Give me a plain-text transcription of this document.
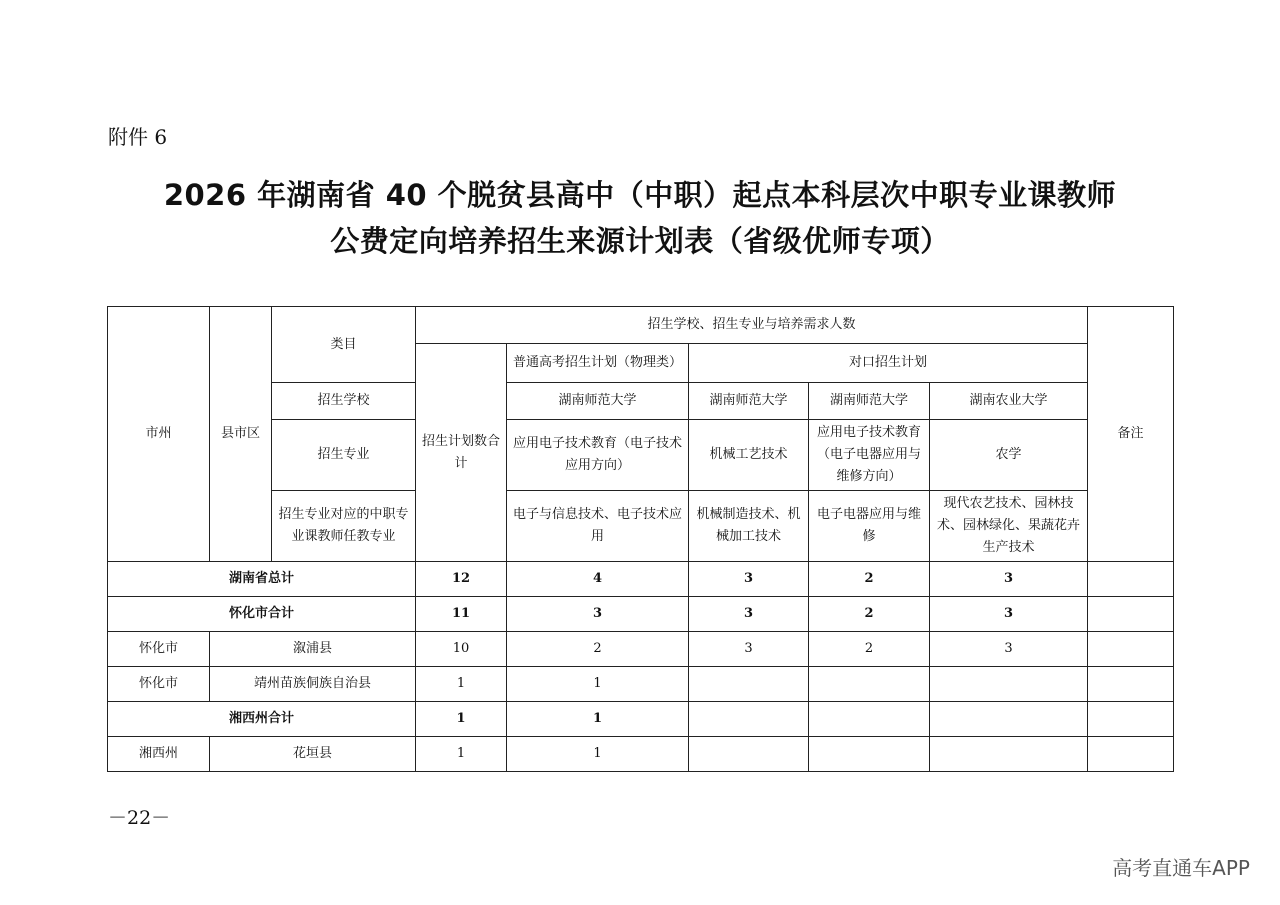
附件 6
2026 年湖南省 40 个脱贫县高中（中职）起点本科层次中职专业课教师
公费定向培养招生来源计划表（省级优师专项）
市州	县市区	类目	招生学校、招生专业与培养需求人数					备注
			招生计划数合计	普通高考招生计划（物理类）	对口招生计划			
		招生学校		湖南师范大学	湖南师范大学	湖南师范大学	湖南农业大学	
		招生专业		应用电子技术教育（电子技术应用方向）	机械工艺技术	应用电子技术教育（电子电器应用与维修方向）	农学	
		招生专业对应的中职专业课教师任教专业		电子与信息技术、电子技术应用	机械制造技术、机械加工技术	电子电器应用与维修	现代农艺技术、园林技术、园林绿化、果蔬花卉生产技术	
湖南省总计			12	4	3	2	3	
怀化市合计			11	3	3	2	3	
怀化市	溆浦县		10	2	3	2	3	
怀化市	靖州苗族侗族自治县		1	1				
湘西州合计			1	1				
湘西州	花垣县		1	1				
－22－
高考直通车APP
